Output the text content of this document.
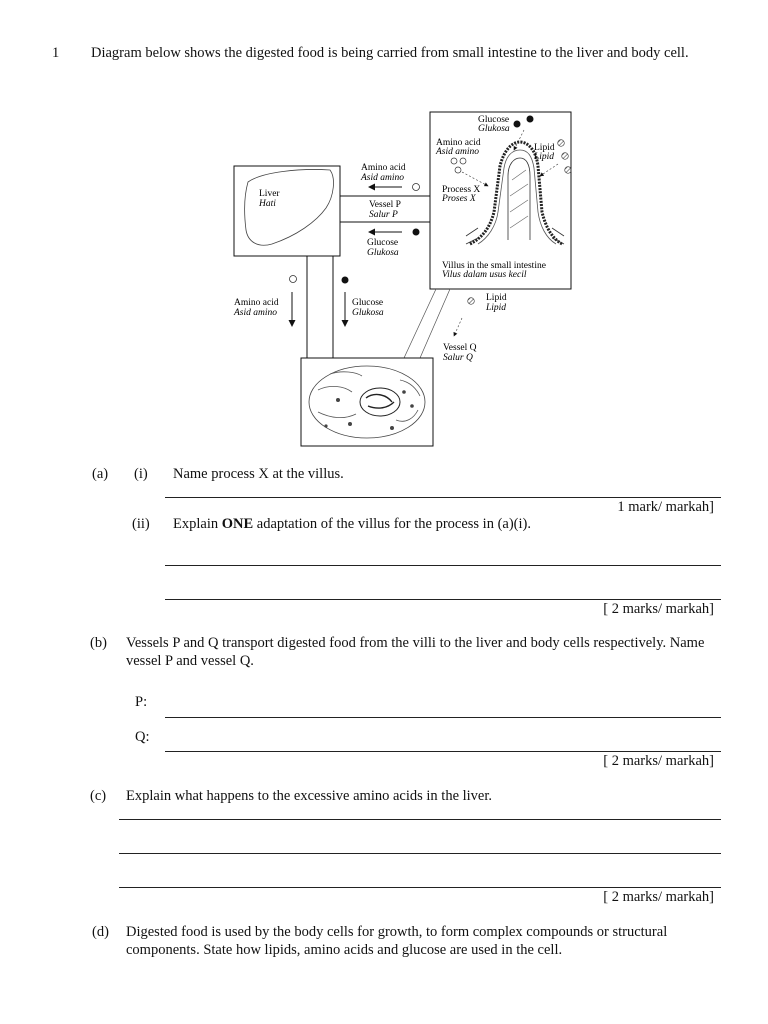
1 Diagram below shows the digested food is being carried from small intestine to the liver and body cell.
Liver
Hati	Vessel P
Salur P
Amino acid
Asid amino
Glucose
Glukosa
Amino acid
Asid amino
Glucose
Glukosa
Glucose
Glukosa
Amino acid
Asid amino	Lipid
Lipid
Process X
Proses X
Villus in the small intestine
Vilus dalam usus kecil
Lipid
Lipid
Vessel Q
Salur Q
(a) (i) Name process X at the villus.
1 mark/ markah]
(ii) Explain ONE adaptation of the villus for the process in (a)(i).
[ 2 marks/ markah]
(b) Vessels P and Q transport digested food from the villi to the liver and body cells respectively. Name vessel P and vessel Q.
P:
Q:
[ 2 marks/ markah]
(c) Explain what happens to the excessive amino acids in the liver.
[ 2 marks/ markah]
(d) Digested food is used by the body cells for growth, to form complex compounds or structural components. State how lipids, amino acids and glucose are used in the cell.
